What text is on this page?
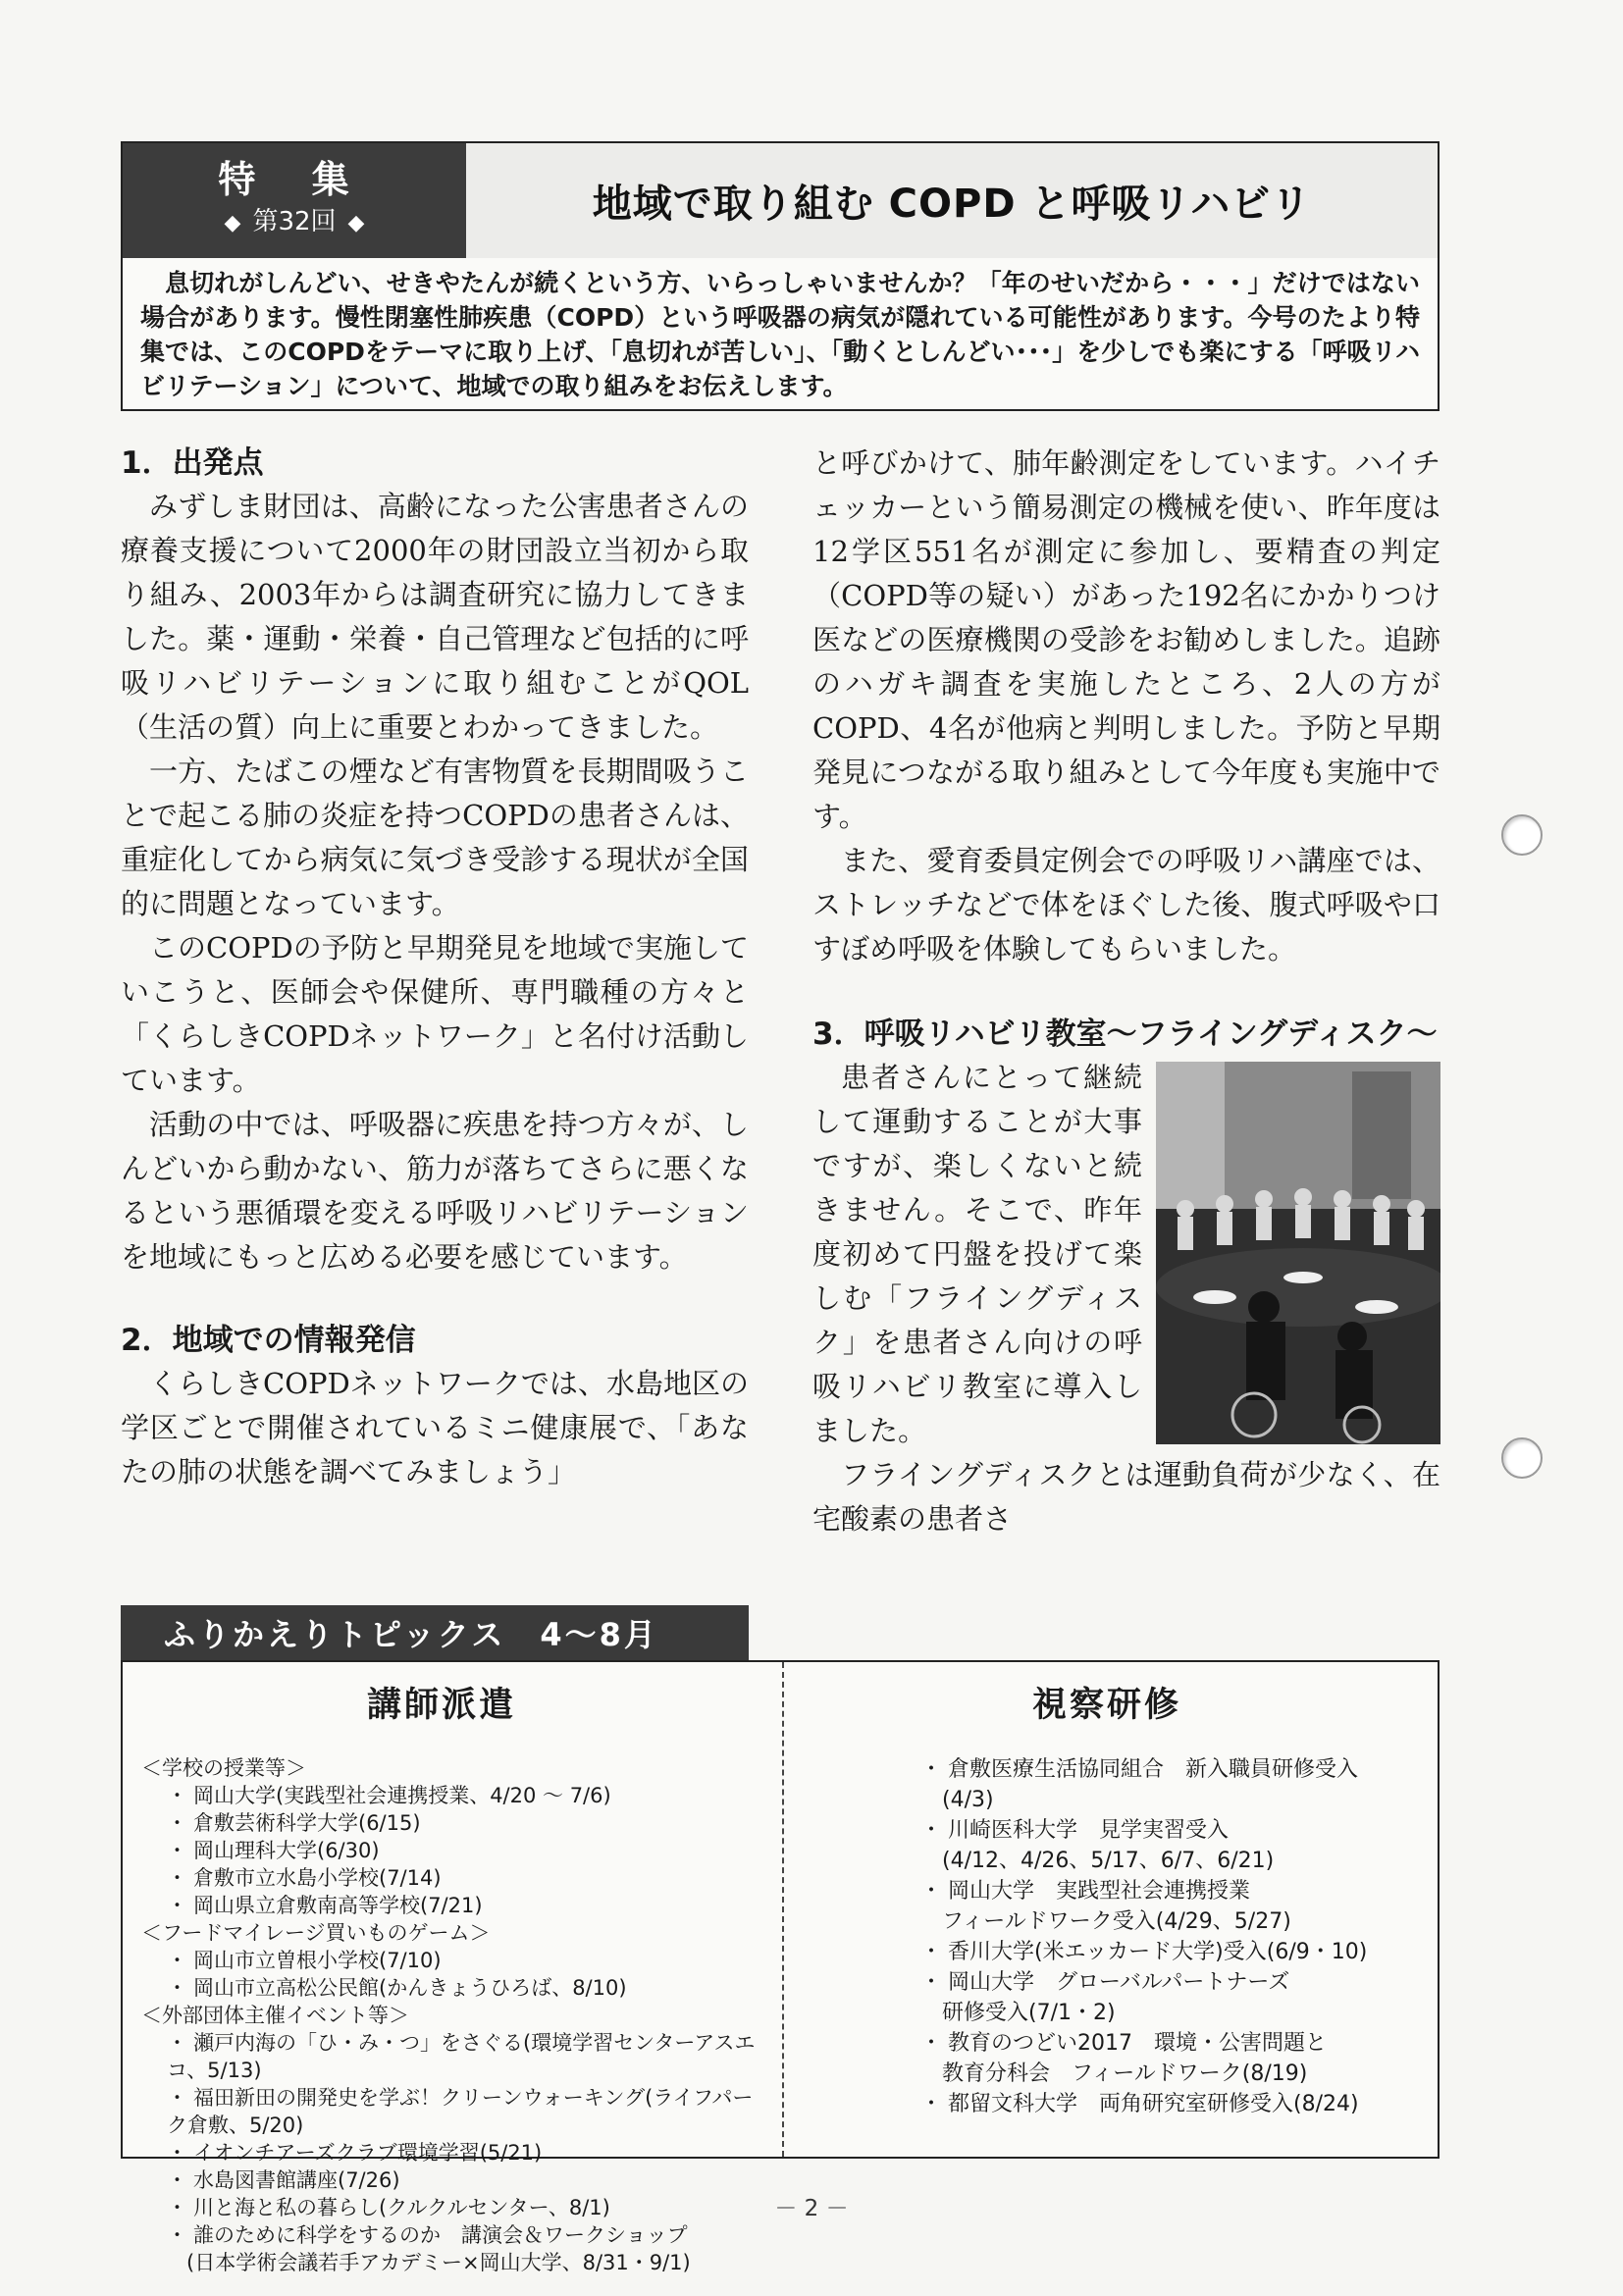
特 集
◆ 第32回 ◆	地域で取り組む COPD と呼吸リハビリ

息切れがしんどい、せきやたんが続くという方、いらっしゃいませんか？「年のせいだから・・・」だけではない場合があります。慢性閉塞性肺疾患（COPD）という呼吸器の病気が隠れている可能性があります。今号のたより特集では、このCOPDをテーマに取り上げ、「息切れが苦しい」、「動くとしんどい･･･」を少しでも楽にする「呼吸リハビリテーション」について、地域での取り組みをお伝えします。

1．出発点

みずしま財団は、高齢になった公害患者さんの療養支援について2000年の財団設立当初から取り組み、2003年からは調査研究に協力してきました。薬・運動・栄養・自己管理など包括的に呼吸リハビリテーションに取り組むことがQOL（生活の質）向上に重要とわかってきました。

一方、たばこの煙など有害物質を長期間吸うことで起こる肺の炎症を持つCOPDの患者さんは、重症化してから病気に気づき受診する現状が全国的に問題となっています。

このCOPDの予防と早期発見を地域で実施していこうと、医師会や保健所、専門職種の方々と「くらしきCOPDネットワーク」と名付け活動しています。

活動の中では、呼吸器に疾患を持つ方々が、しんどいから動かない、筋力が落ちてさらに悪くなるという悪循環を変える呼吸リハビリテーションを地域にもっと広める必要を感じています。

2．地域での情報発信

くらしきCOPDネットワークでは、水島地区の学区ごとで開催されているミニ健康展で、「あなたの肺の状態を調べてみましょう」

と呼びかけて、肺年齢測定をしています。ハイチェッカーという簡易測定の機械を使い、昨年度は12学区551名が測定に参加し、要精査の判定（COPD等の疑い）があった192名にかかりつけ医などの医療機関の受診をお勧めしました。追跡のハガキ調査を実施したところ、2人の方がCOPD、4名が他病と判明しました。予防と早期発見につながる取り組みとして今年度も実施中です。

また、愛育委員定例会での呼吸リハ講座では、ストレッチなどで体をほぐした後、腹式呼吸や口すぼめ呼吸を体験してもらいました。

3．呼吸リハビリ教室～フライングディスク～

患者さんにとって継続して運動することが大事ですが、楽しくないと続きません。そこで、昨年度初めて円盤を投げて楽しむ「フライングディスク」を患者さん向けの呼吸リハビリ教室に導入しました。

フライングディスクとは運動負荷が少なく、在宅酸素の患者さ

ふりかえりトピックス　4～8月
講師派遣
＜学校の授業等＞
・ 岡山大学(実践型社会連携授業、4/20 ～ 7/6)
・ 倉敷芸術科学大学(6/15)
・ 岡山理科大学(6/30)
・ 倉敷市立水島小学校(7/14)
・ 岡山県立倉敷南高等学校(7/21)
＜フードマイレージ買いものゲーム＞
・ 岡山市立曽根小学校(7/10)
・ 岡山市立高松公民館(かんきょうひろば、8/10)
＜外部団体主催イベント等＞
・ 瀬戸内海の「ひ・み・つ」をさぐる(環境学習センターアスエコ、5/13)
・ 福田新田の開発史を学ぶ！クリーンウォーキング(ライフパーク倉敷、5/20)
・ イオンチアーズクラブ環境学習(5/21)
・ 水島図書館講座(7/26)
・ 川と海と私の暮らし(クルクルセンター、8/1)
・ 誰のために科学をするのか　講演会＆ワークショップ
(日本学術会議若手アカデミー×岡山大学、8/31・9/1)
視察研修
・ 倉敷医療生活協同組合　新入職員研修受入
(4/3)
・ 川崎医科大学　見学実習受入
(4/12、4/26、5/17、6/7、6/21)
・ 岡山大学　実践型社会連携授業
フィールドワーク受入(4/29、5/27)
・ 香川大学(米エッカード大学)受入(6/9・10)
・ 岡山大学　グローバルパートナーズ
研修受入(7/1・2)
・ 教育のつどい2017　環境・公害問題と
教育分科会　フィールドワーク(8/19)
・ 都留文科大学　両角研究室研修受入(8/24)
－ 2 －
